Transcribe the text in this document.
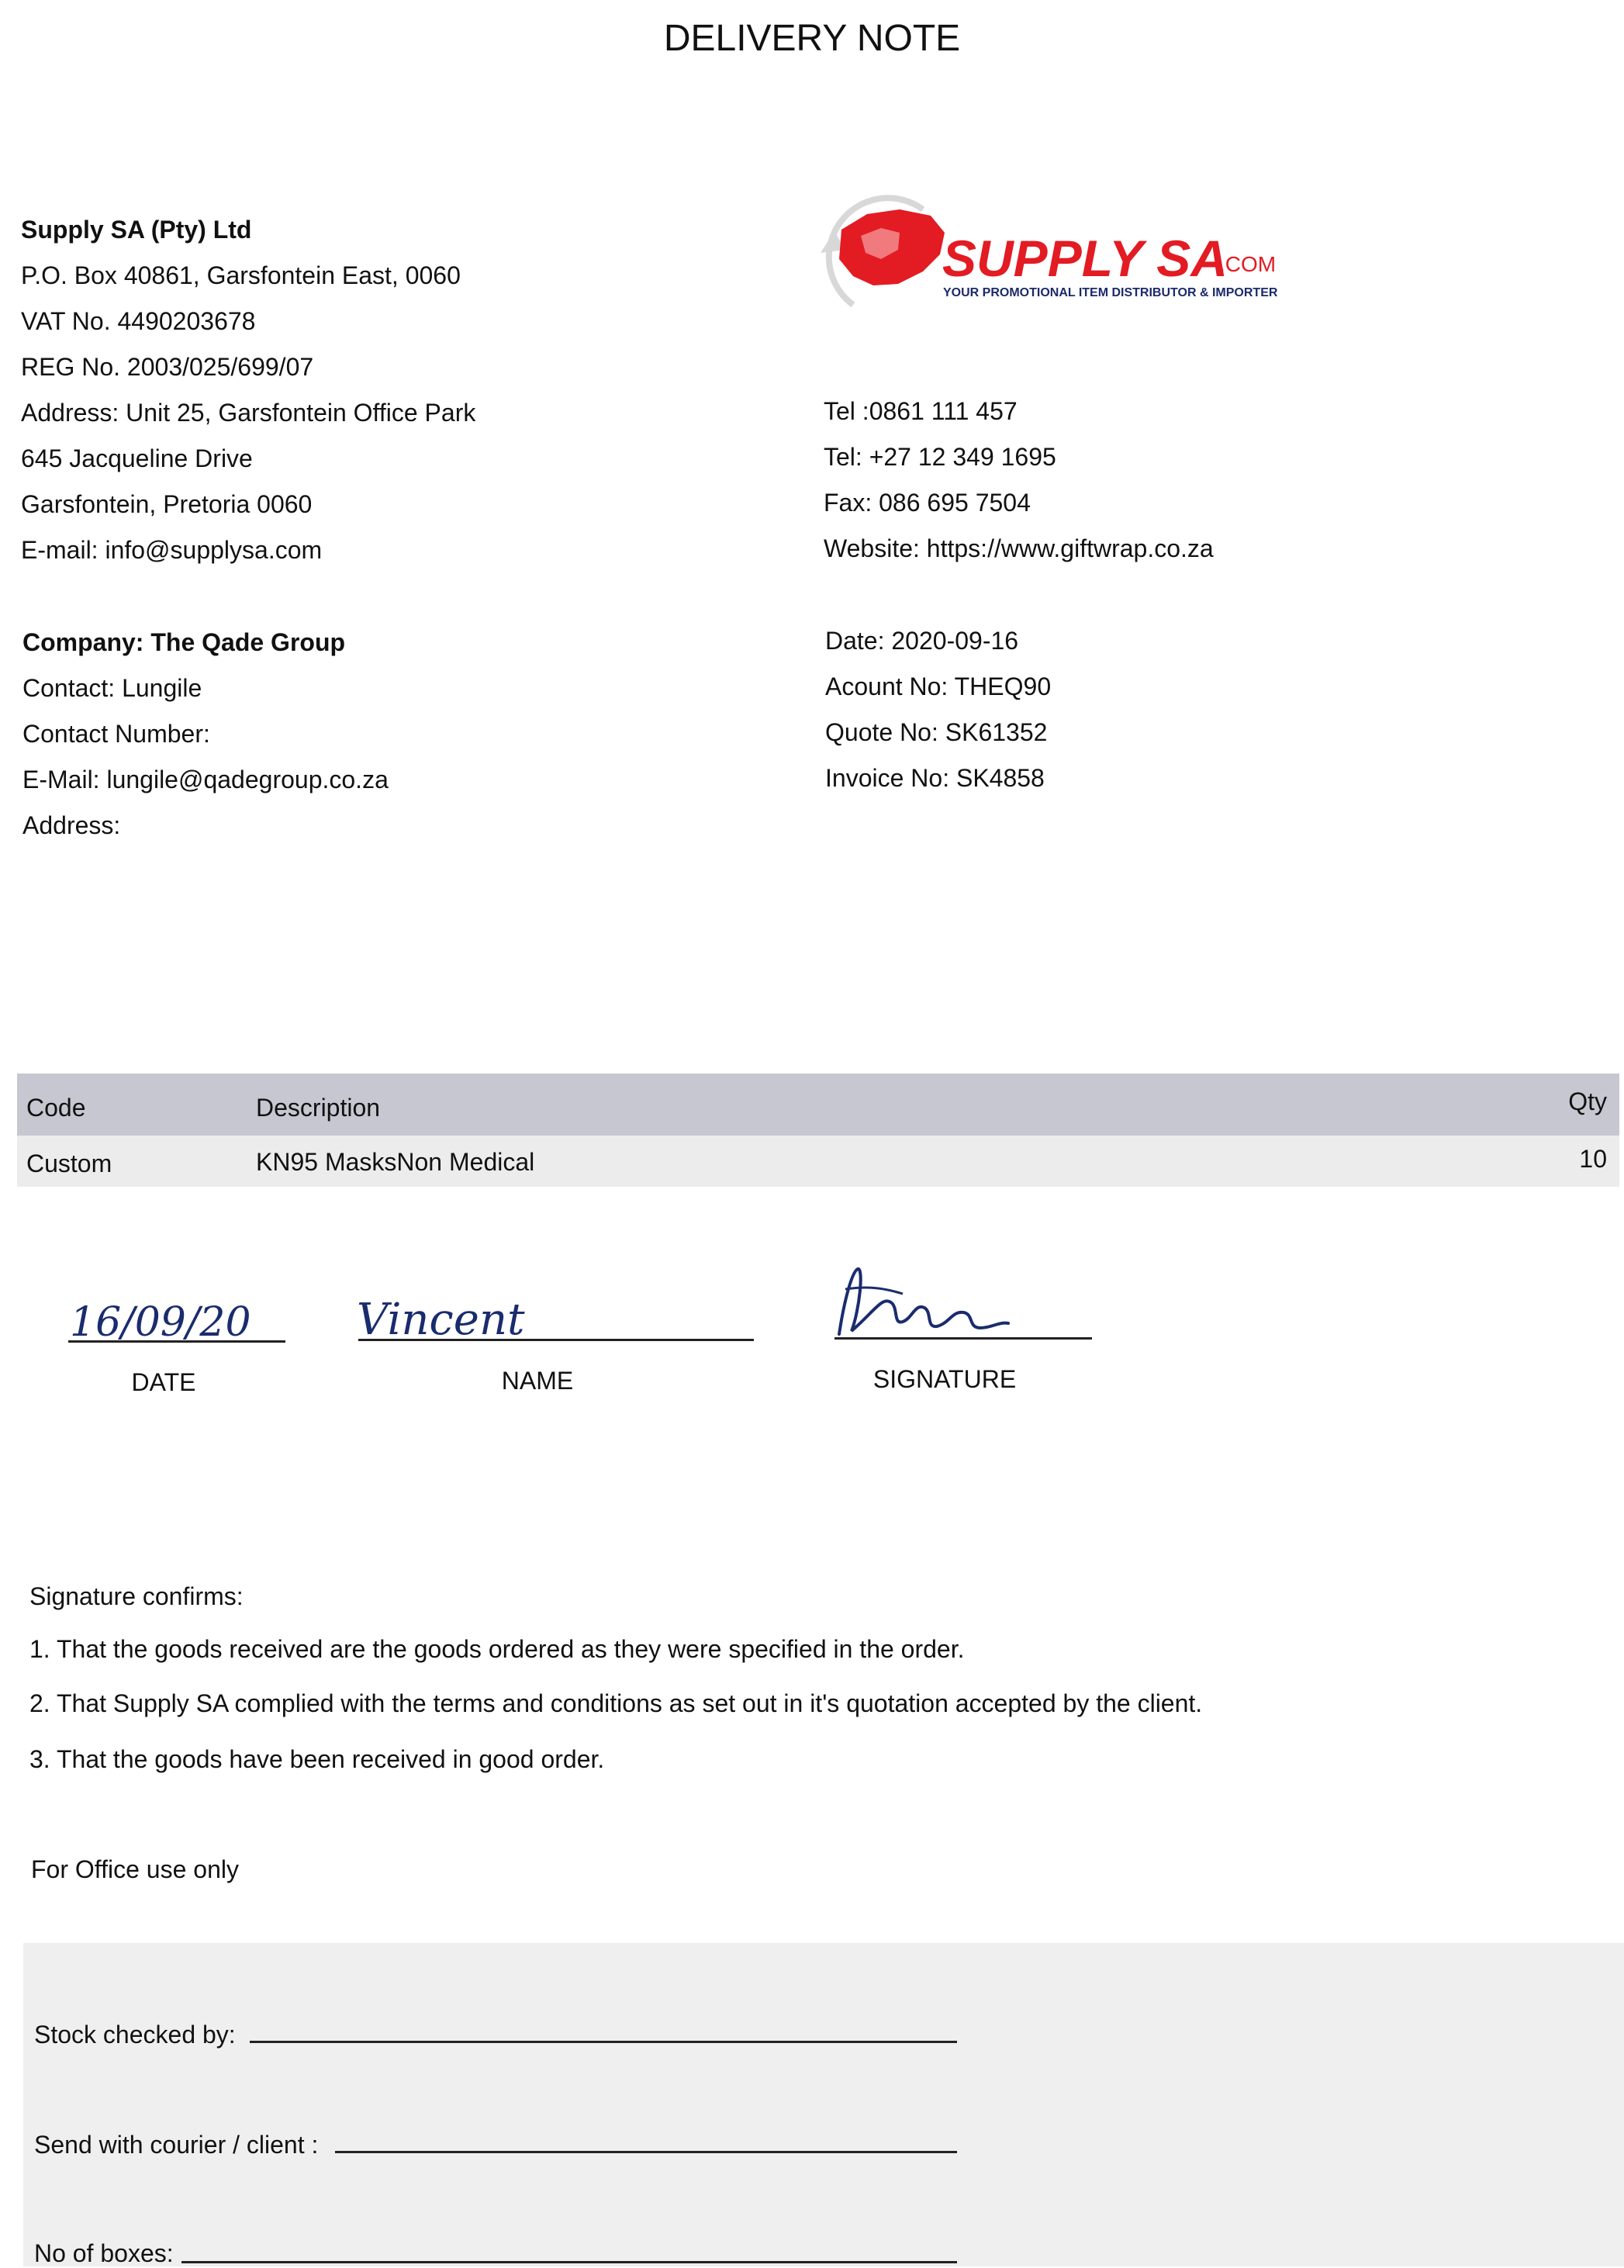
DELIVERY NOTE
Supply SA (Pty) Ltd
P.O. Box 40861, Garsfontein East, 0060
VAT No. 4490203678
REG No. 2003/025/699/07
Address: Unit 25, Garsfontein Office Park
645 Jacqueline Drive
Garsfontein, Pretoria 0060
E-mail: info@supplysa.com
SUPPLY SA
.COM
YOUR PROMOTIONAL ITEM DISTRIBUTOR & IMPORTER
Tel :0861 111 457
Tel: +27 12 349 1695
Fax: 086 695 7504
Website: https://www.giftwrap.co.za
Company: The Qade Group
Contact: Lungile
Contact Number:
E-Mail: lungile@qadegroup.co.za
Address:
Date: 2020-09-16
Acount No: THEQ90
Quote No: SK61352
Invoice No: SK4858
Code	Description	Qty
Custom	KN95 MasksNon Medical	10
16/09/20
DATE
Vincent
NAME	SIGNATURE
Signature confirms:
1. That the goods received are the goods ordered as they were specified in the order.
2. That Supply SA complied with the terms and conditions as set out in it's quotation accepted by the client.
3. That the goods have been received in good order.
For Office use only
Stock checked by:
Send with courier / client :
No of boxes:
